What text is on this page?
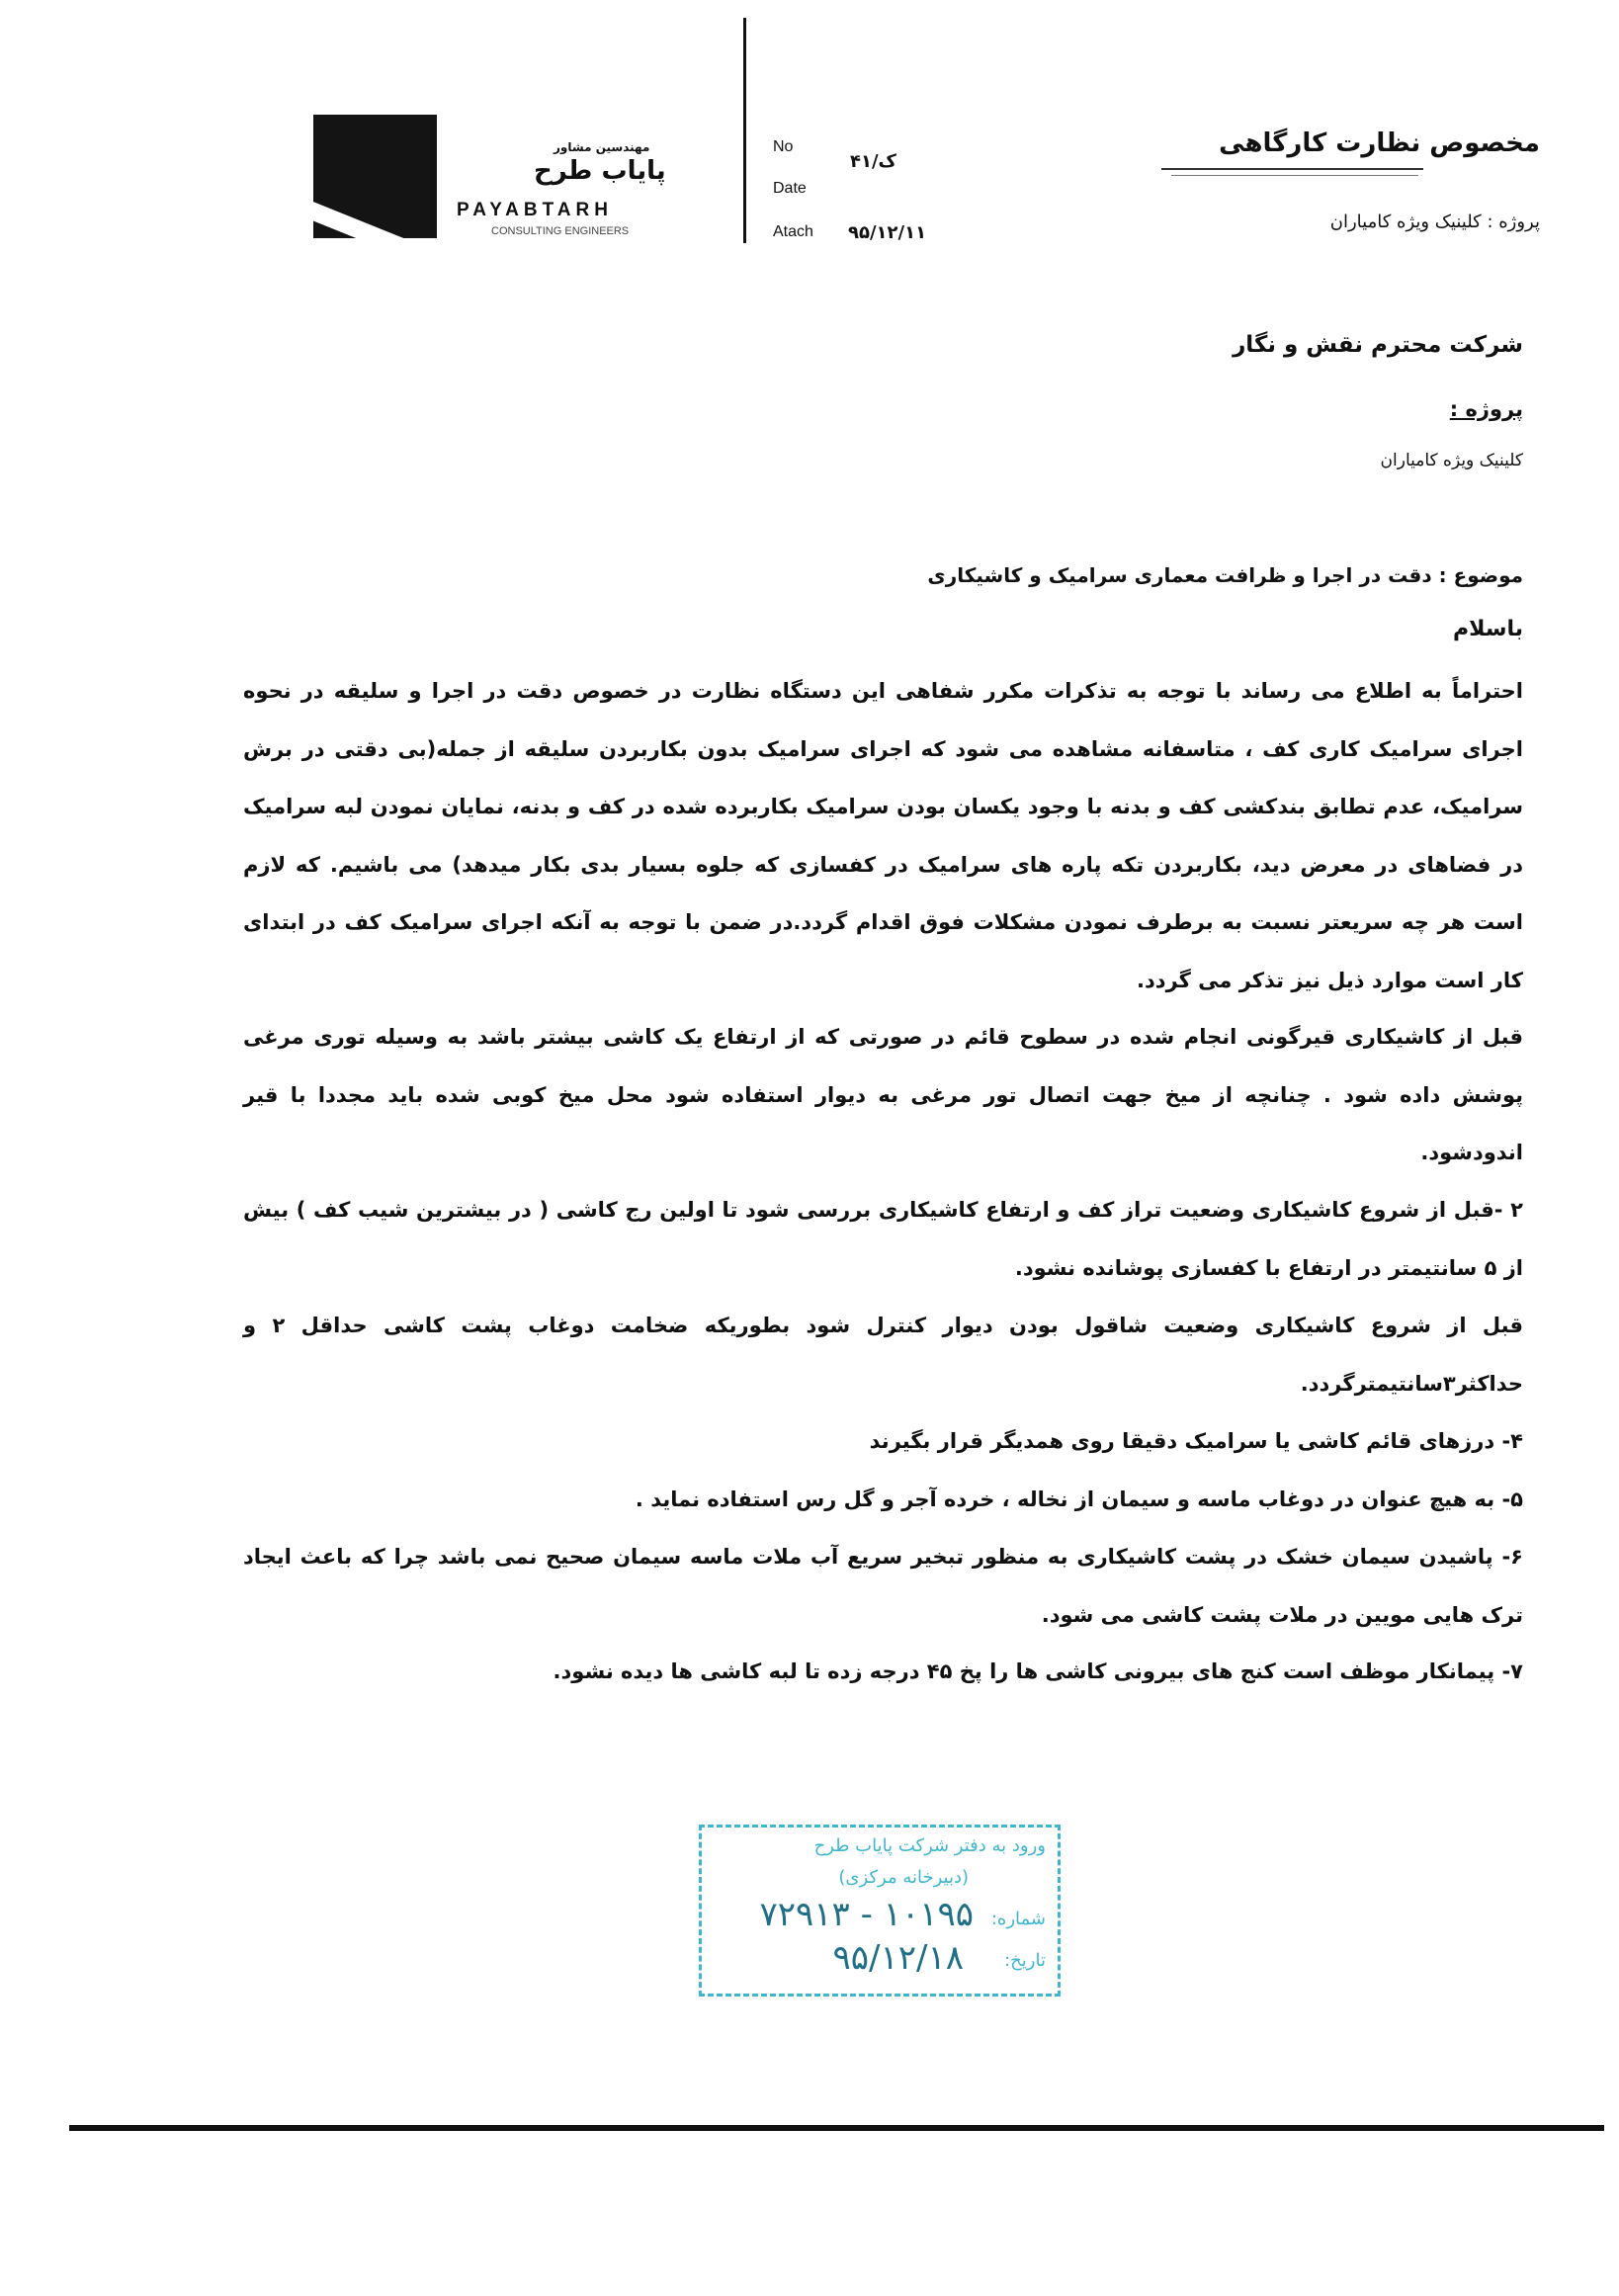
مهندسین مشاور
پایاب طرح
PAYABTARH
CONSULTING ENGINEERS
No
Date
Atach
ک/۴۱
۹۵/۱۲/۱۱
مخصوص نظارت کارگاهی
پروژه : کلینیک ویژه کامیاران
شرکت محترم نقش و نگار
پروژه :
کلینیک ویژه کامیاران
موضوع : دقت در اجرا و ظرافت معماری سرامیک و کاشیکاری
باسلام
احتراماً به اطلاع می رساند با توجه به تذکرات مکرر شفاهی این دستگاه نظارت در خصوص دقت در اجرا و سلیقه در نحوه اجرای سرامیک کاری کف ، متاسفانه مشاهده می شود که اجرای سرامیک بدون بکاربردن سلیقه از جمله(بی دقتی در برش سرامیک، عدم تطابق بندکشی کف و بدنه با وجود یکسان بودن سرامیک بکاربرده شده در کف و بدنه، نمایان نمودن لبه سرامیک در فضاهای در معرض دید، بکاربردن تکه پاره های سرامیک در کفسازی که جلوه بسیار بدی بکار میدهد) می باشیم. که لازم است هر چه سریعتر نسبت به برطرف نمودن مشکلات فوق اقدام گردد.در ضمن با توجه به آنکه اجرای سرامیک کف در ابتدای کار است موارد ذیل نیز تذکر می گردد.
قبل از کاشیکاری قیرگونی انجام شده در سطوح قائم در صورتی که از ارتفاع یک کاشی بیشتر باشد به وسیله توری مرغی پوشش داده شود . چنانچه از میخ جهت اتصال تور مرغی به دیوار استفاده شود محل میخ کوبی شده باید مجددا با قیر اندودشود.
۲ -قبل از شروع کاشیکاری وضعیت تراز کف و ارتفاع کاشیکاری بررسی شود تا اولین رج کاشی ( در بیشترین شیب کف ) بیش از ۵ سانتیمتر در ارتفاع با کفسازی پوشانده نشود.
قبل از شروع کاشیکاری وضعیت شاقول بودن دیوار کنترل شود بطوریکه ضخامت دوغاب پشت کاشی حداقل ۲ و حداکثر۳سانتیمترگردد.
۴- درزهای قائم کاشی یا سرامیک دقیقا روی همدیگر قرار بگیرند
۵- به هیچ عنوان در دوغاب ماسه و سیمان از نخاله ، خرده آجر و گل رس استفاده نماید .
۶- پاشیدن سیمان خشک در پشت کاشیکاری به منظور تبخیر سریع آب ملات ماسه سیمان صحیح نمی باشد چرا که باعث ایجاد ترک هایی مویین در ملات پشت کاشی می شود.
۷- پیمانکار موظف است کنج های بیرونی کاشی ها را پخ ۴۵ درجه زده تا لبه کاشی ها دیده نشود.
ورود به دفتر شرکت پایاب طرح
(دبیرخانه مرکزی)
شماره:
۱۰۱۹۵ - ۷۲۹۱۳
تاریخ:
۹۵/۱۲/۱۸
